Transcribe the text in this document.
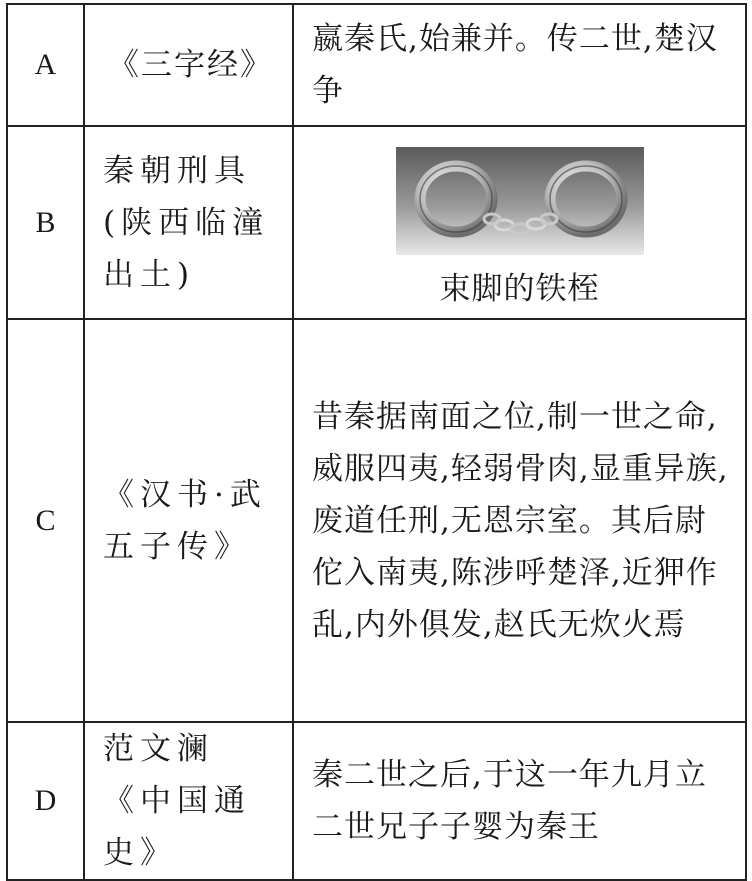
A	《三字经》	嬴秦氏,始兼并。传二世,楚汉争
B	秦朝刑具(陕西临潼出土)	束脚的铁桎

C	《汉书·武五子传》	昔秦据南面之位,制一世之命,威服四夷,轻弱骨肉,显重异族,废道任刑,无恩宗室。其后尉佗入南夷,陈涉呼楚泽,近狎作乱,内外俱发,赵氏无炊火焉
D	范文澜《中国通史》	秦二世之后,于这一年九月立二世兄子子婴为秦王
